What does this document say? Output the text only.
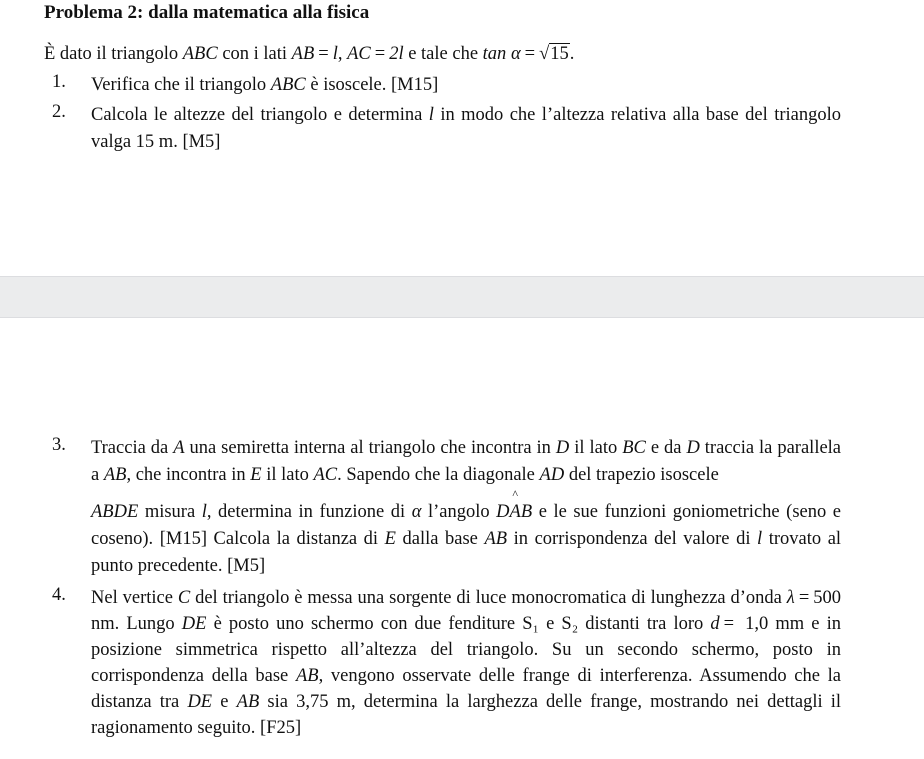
Problema 2: dalla matematica alla fisica
È dato il triangolo ABC con i lati AB = l, AC = 2l e tale che tan α = √15.
1. Verifica che il triangolo ABC è isoscele. [M15]
2. Calcola le altezze del triangolo e determina l in modo che l’altezza relativa alla base del triangolo valga 15 m. [M5]
3. Traccia da A una semiretta interna al triangolo che incontra in D il lato BC e da D traccia la parallela a AB, che incontra in E il lato AC. Sapendo che la diagonale AD del trapezio isoscele
ABDE misura l, determina in funzione di α l’angolo D
^
AB e le sue funzioni goniometriche (seno e coseno). [M15] Calcola la distanza di E dalla base AB in corrispondenza del valore di l trovato al punto precedente. [M5]
4. Nel vertice C del triangolo è messa una sorgente di luce monocromatica di lunghezza d’onda λ = 500 nm. Lungo DE è posto uno schermo con due fenditure S₁ e S₂ distanti tra loro d = 1,0 mm e in posizione simmetrica rispetto all’altezza del triangolo. Su un secondo schermo, posto in corrispondenza della base AB, vengono osservate delle frange di interferenza. Assumendo che la distanza tra DE e AB sia 3,75 m, determina la larghezza delle frange, mostrando nei dettagli il ragionamento seguito. [F25]
